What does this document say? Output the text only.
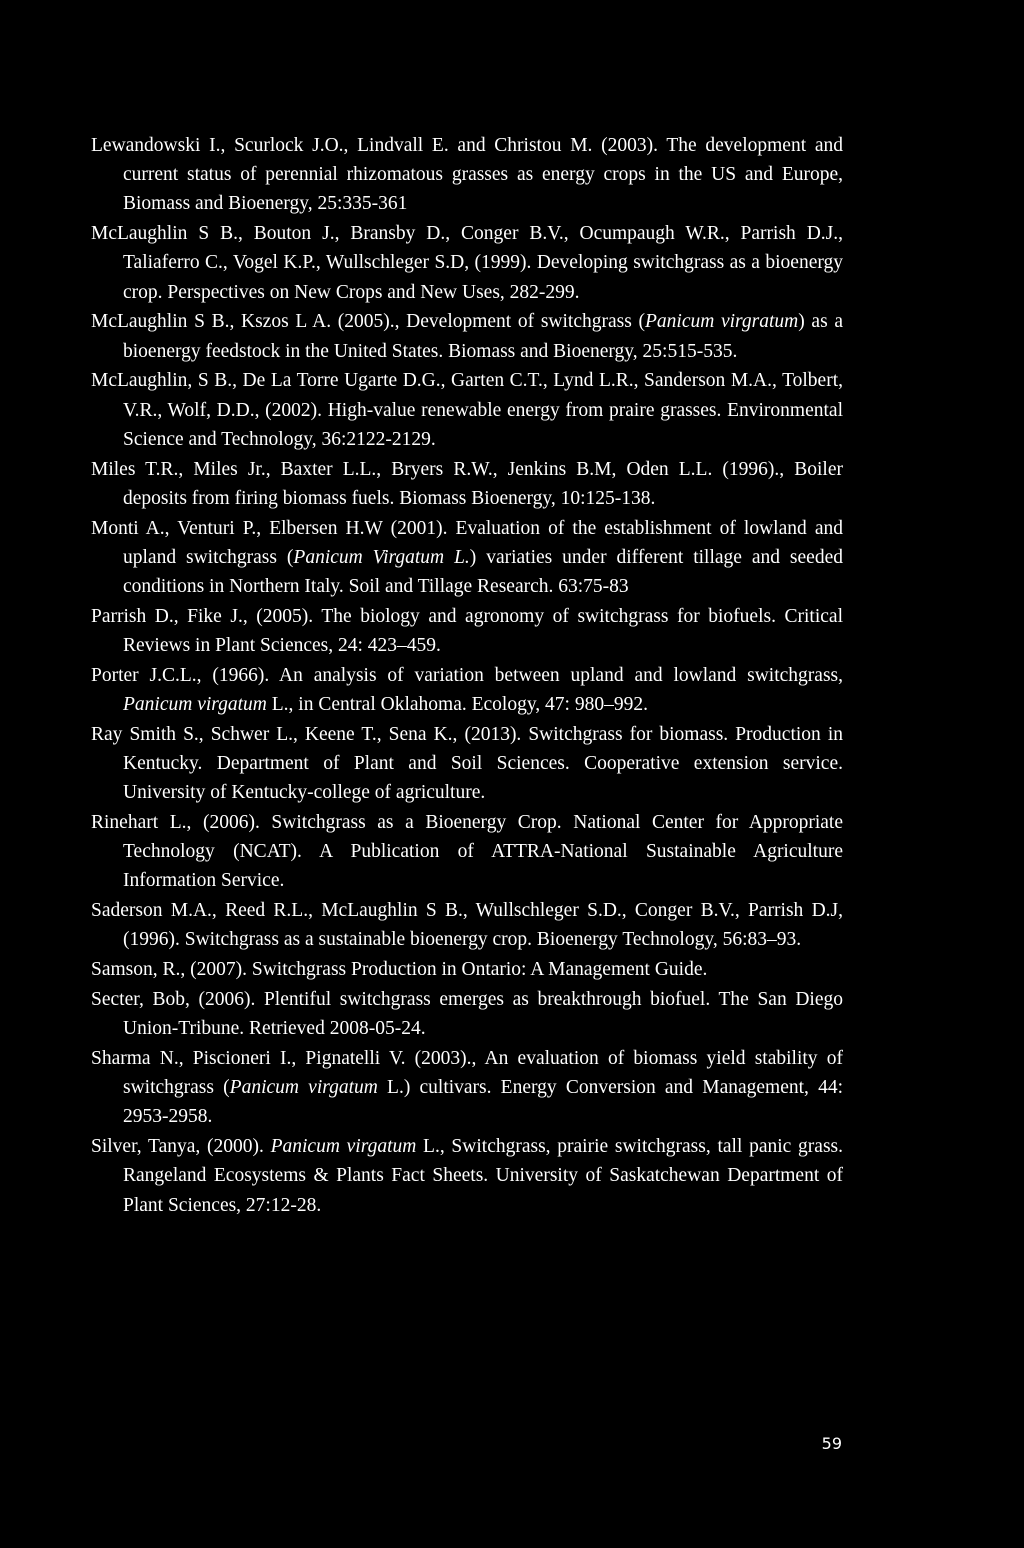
Lewandowski I., Scurlock J.O., Lindvall E. and Christou M. (2003). The development and current status of perennial rhizomatous grasses as energy crops in the US and Europe, Biomass and Bioenergy, 25:335-361

McLaughlin S B., Bouton J., Bransby D., Conger B.V., Ocumpaugh W.R., Parrish D.J., Taliaferro C., Vogel K.P., Wullschleger S.D, (1999). Developing switchgrass as a bioenergy crop. Perspectives on New Crops and New Uses, 282-299.

McLaughlin S B., Kszos L A. (2005)., Development of switchgrass (Panicum virgratum) as a bioenergy feedstock in the United States. Biomass and Bioenergy, 25:515-535.

McLaughlin, S B., De La Torre Ugarte D.G., Garten C.T., Lynd L.R., Sanderson M.A., Tolbert, V.R., Wolf, D.D., (2002). High-value renewable energy from praire grasses. Environmental Science and Technology, 36:2122-2129.

Miles T.R., Miles Jr., Baxter L.L., Bryers R.W., Jenkins B.M, Oden L.L. (1996)., Boiler deposits from firing biomass fuels. Biomass Bioenergy, 10:125-138.

Monti A., Venturi P., Elbersen H.W (2001). Evaluation of the establishment of lowland and upland switchgrass (Panicum Virgatum L.) variaties under different tillage and seeded conditions in Northern Italy. Soil and Tillage Research. 63:75-83

Parrish D., Fike J., (2005). The biology and agronomy of switchgrass for biofuels. Critical Reviews in Plant Sciences, 24: 423–459.

Porter J.C.L., (1966). An analysis of variation between upland and lowland switchgrass, Panicum virgatum L., in Central Oklahoma. Ecology, 47: 980–992.

Ray Smith S., Schwer L., Keene T., Sena K., (2013). Switchgrass for biomass. Production in Kentucky. Department of Plant and Soil Sciences. Cooperative extension service. University of Kentucky-college of agriculture.

Rinehart L., (2006). Switchgrass as a Bioenergy Crop. National Center for Appropriate Technology (NCAT). A Publication of ATTRA-National Sustainable Agriculture Information Service.

Saderson M.A., Reed R.L., McLaughlin S B., Wullschleger S.D., Conger B.V., Parrish D.J, (1996). Switchgrass as a sustainable bioenergy crop. Bioenergy Technology, 56:83–93.

Samson, R., (2007). Switchgrass Production in Ontario: A Management Guide.

Secter, Bob, (2006). Plentiful switchgrass emerges as breakthrough biofuel. The San Diego Union-Tribune. Retrieved 2008-05-24.

Sharma N., Piscioneri I., Pignatelli V. (2003)., An evaluation of biomass yield stability of switchgrass (Panicum virgatum L.) cultivars. Energy Conversion and Management, 44: 2953-2958.

Silver, Tanya, (2000). Panicum virgatum L., Switchgrass, prairie switchgrass, tall panic grass. Rangeland Ecosystems & Plants Fact Sheets. University of Saskatchewan Department of Plant Sciences, 27:12-28.

59
